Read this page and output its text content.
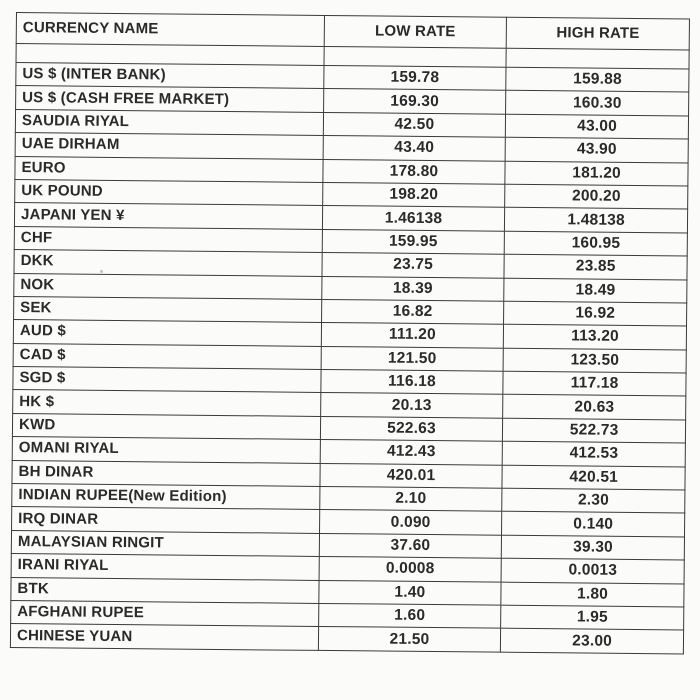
CURRENCY NAME	LOW RATE	HIGH RATE

US $ (INTER BANK)	159.78	159.88
US $ (CASH FREE MARKET)	169.30	160.30
SAUDIA RIYAL	42.50	43.00
UAE DIRHAM	43.40	43.90
EURO	178.80	181.20
UK POUND	198.20	200.20
JAPANI YEN ¥	1.46138	1.48138
CHF	159.95	160.95
DKK	23.75	23.85
NOK	18.39	18.49
SEK	16.82	16.92
AUD $	111.20	113.20
CAD $	121.50	123.50
SGD $	116.18	117.18
HK $	20.13	20.63
KWD	522.63	522.73
OMANI RIYAL	412.43	412.53
BH DINAR	420.01	420.51
INDIAN RUPEE(New Edition)	2.10	2.30
IRQ DINAR	0.090	0.140
MALAYSIAN RINGIT	37.60	39.30
IRANI RIYAL	0.0008	0.0013
BTK	1.40	1.80
AFGHANI RUPEE	1.60	1.95
CHINESE YUAN	21.50	23.00
